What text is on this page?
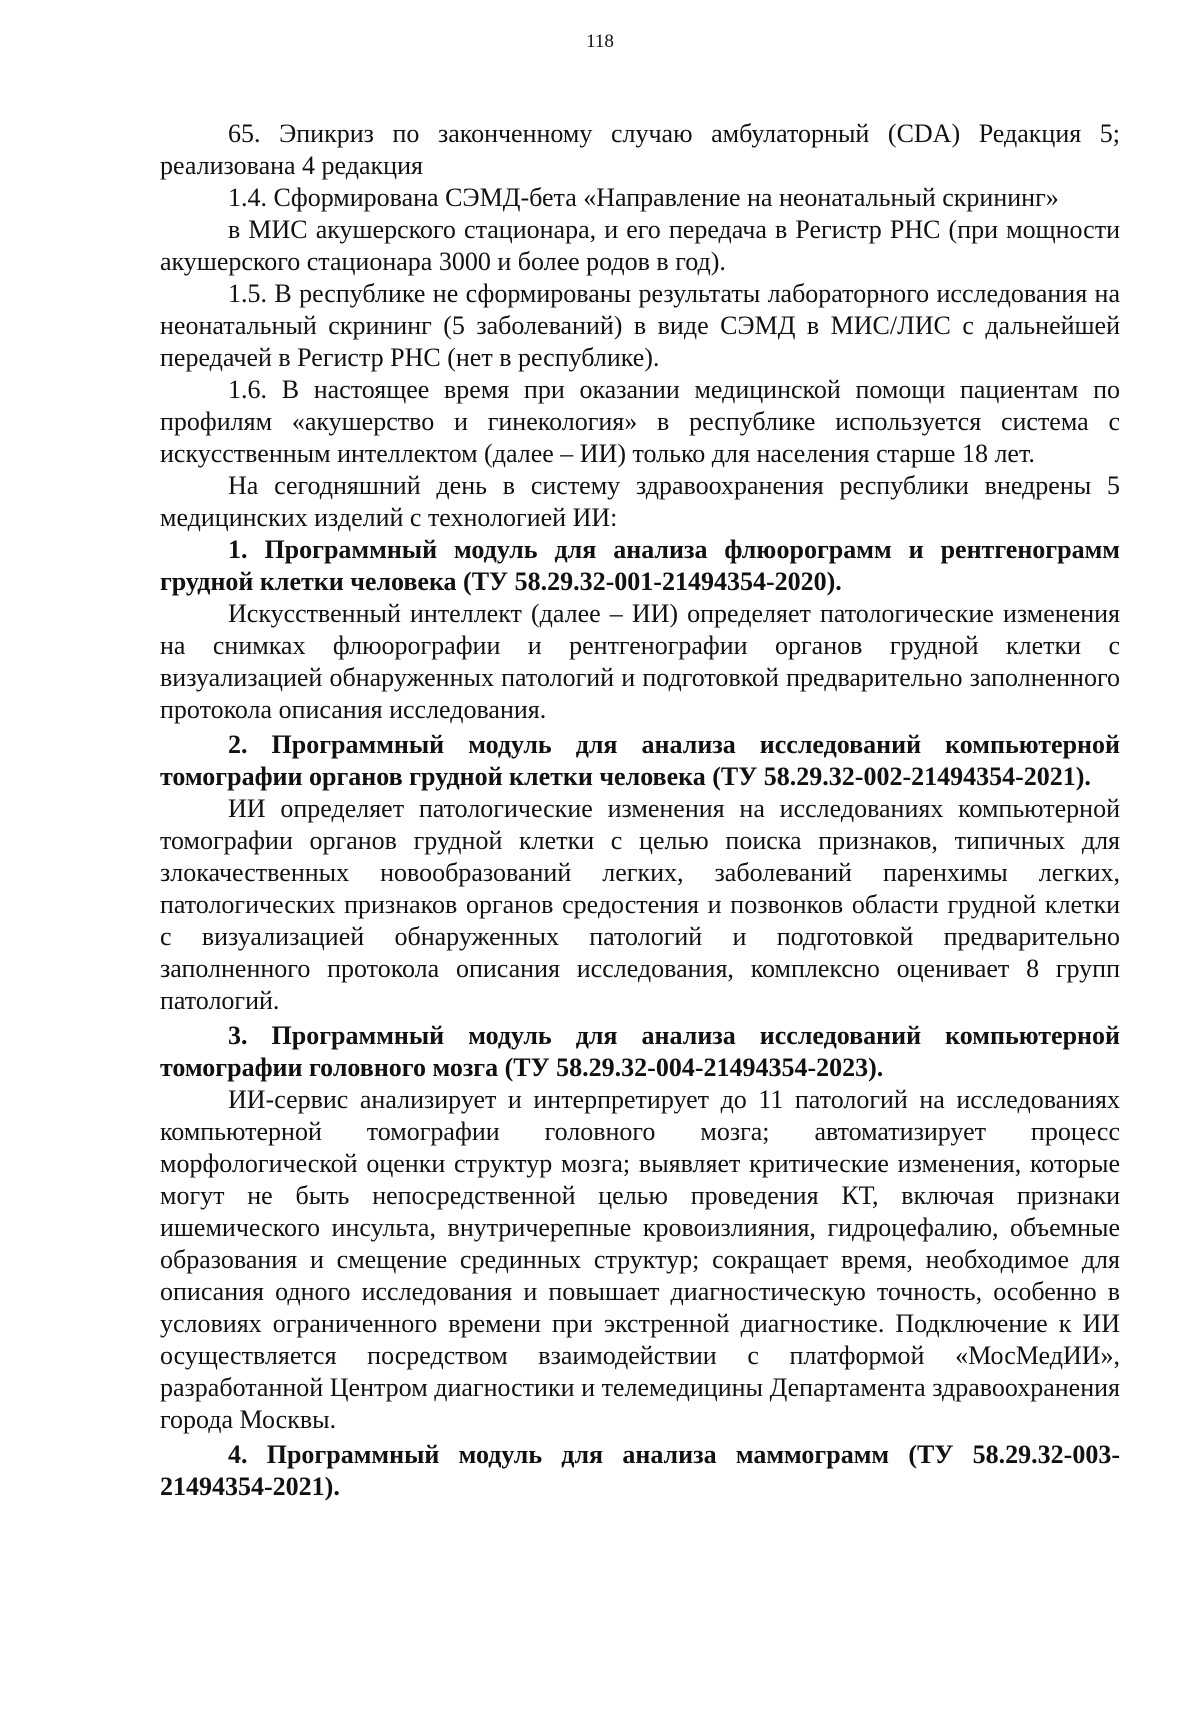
118

65. Эпикриз по законченному случаю амбулаторный (CDA) Редакция 5; реализована 4 редакция

1.4. Сформирована СЭМД-бета «Направление на неонатальный скрининг»

в МИС акушерского стационара, и его передача в Регистр РНС (при мощности акушерского стационара 3000 и более родов в год).

1.5. В республике не сформированы результаты лабораторного исследования на неонатальный скрининг (5 заболеваний) в виде СЭМД в МИС/ЛИС с дальнейшей передачей в Регистр РНС (нет в республике).

1.6. В настоящее время при оказании медицинской помощи пациентам по профилям «акушерство и гинекология» в республике используется система с искусственным интеллектом (далее – ИИ) только для населения старше 18 лет.

На сегодняшний день в систему здравоохранения республики внедрены 5 медицинских изделий с технологией ИИ:

1. Программный модуль для анализа флюорограмм и рентгенограмм грудной клетки человека (ТУ 58.29.32-001-21494354-2020).

Искусственный интеллект (далее – ИИ) определяет патологические изменения на снимках флюорографии и рентгенографии органов грудной клетки с визуализацией обнаруженных патологий и подготовкой предварительно заполненного протокола описания исследования.

2. Программный модуль для анализа исследований компьютерной томографии органов грудной клетки человека (ТУ 58.29.32-002-21494354-2021).

ИИ определяет патологические изменения на исследованиях компьютерной томографии органов грудной клетки с целью поиска признаков, типичных для злокачественных новообразований легких, заболеваний паренхимы легких, патологических признаков органов средостения и позвонков области грудной клетки с визуализацией обнаруженных патологий и подготовкой предварительно заполненного протокола описания исследования, комплексно оценивает 8 групп патологий.

3. Программный модуль для анализа исследований компьютерной томографии головного мозга (ТУ 58.29.32-004-21494354-2023).

ИИ-сервис анализирует и интерпретирует до 11 патологий на исследованиях компьютерной томографии головного мозга; автоматизирует процесс морфологической оценки структур мозга; выявляет критические изменения, которые могут не быть непосредственной целью проведения КТ, включая признаки ишемического инсульта, внутричерепные кровоизлияния, гидроцефалию, объемные образования и смещение срединных структур; сокращает время, необходимое для описания одного исследования и повышает диагностическую точность, особенно в условиях ограниченного времени при экстренной диагностике. Подключение к ИИ осуществляется посредством взаимодействии с платформой «МосМедИИ», разработанной Центром диагностики и телемедицины Департамента здравоохранения города Москвы.

4. Программный модуль для анализа маммограмм (ТУ 58.29.32-003-21494354-2021).
